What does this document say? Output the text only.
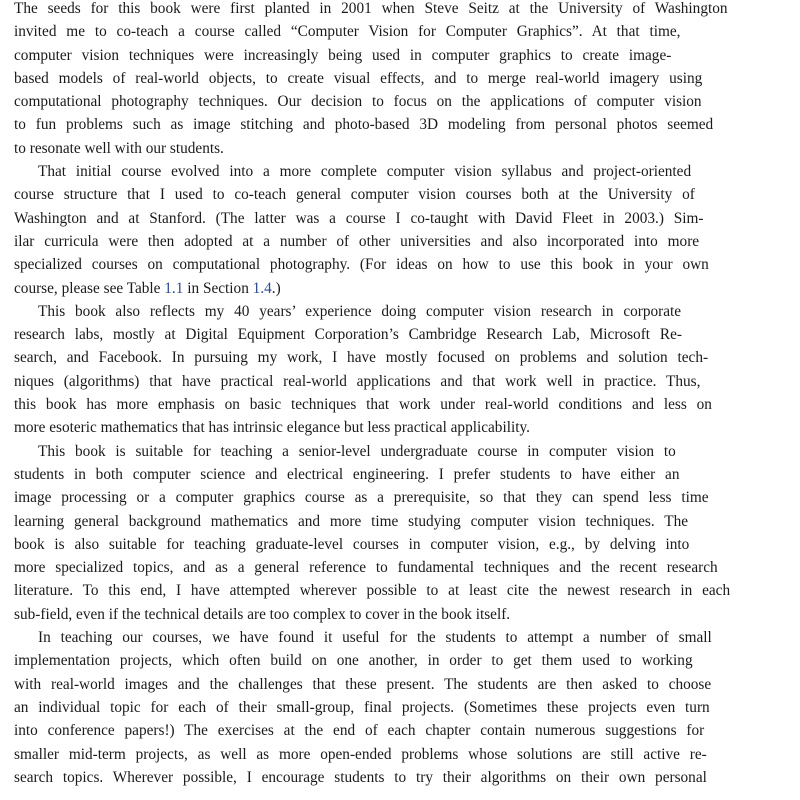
The seeds for this book were first planted in 2001 when Steve Seitz at the University of Washington
invited me to co-teach a course called “Computer Vision for Computer Graphics”. At that time,
computer vision techniques were increasingly being used in computer graphics to create image-
based models of real-world objects, to create visual effects, and to merge real-world imagery using
computational photography techniques. Our decision to focus on the applications of computer vision
to fun problems such as image stitching and photo-based 3D modeling from personal photos seemed
to resonate well with our students.
That initial course evolved into a more complete computer vision syllabus and project-oriented
course structure that I used to co-teach general computer vision courses both at the University of
Washington and at Stanford. (The latter was a course I co-taught with David Fleet in 2003.) Sim-
ilar curricula were then adopted at a number of other universities and also incorporated into more
specialized courses on computational photography. (For ideas on how to use this book in your own
course, please see Table 1.1 in Section 1.4.)
This book also reflects my 40 years’ experience doing computer vision research in corporate
research labs, mostly at Digital Equipment Corporation’s Cambridge Research Lab, Microsoft Re-
search, and Facebook. In pursuing my work, I have mostly focused on problems and solution tech-
niques (algorithms) that have practical real-world applications and that work well in practice. Thus,
this book has more emphasis on basic techniques that work under real-world conditions and less on
more esoteric mathematics that has intrinsic elegance but less practical applicability.
This book is suitable for teaching a senior-level undergraduate course in computer vision to
students in both computer science and electrical engineering. I prefer students to have either an
image processing or a computer graphics course as a prerequisite, so that they can spend less time
learning general background mathematics and more time studying computer vision techniques. The
book is also suitable for teaching graduate-level courses in computer vision, e.g., by delving into
more specialized topics, and as a general reference to fundamental techniques and the recent research
literature. To this end, I have attempted wherever possible to at least cite the newest research in each
sub-field, even if the technical details are too complex to cover in the book itself.
In teaching our courses, we have found it useful for the students to attempt a number of small
implementation projects, which often build on one another, in order to get them used to working
with real-world images and the challenges that these present. The students are then asked to choose
an individual topic for each of their small-group, final projects. (Sometimes these projects even turn
into conference papers!) The exercises at the end of each chapter contain numerous suggestions for
smaller mid-term projects, as well as more open-ended problems whose solutions are still active re-
search topics. Wherever possible, I encourage students to try their algorithms on their own personal
